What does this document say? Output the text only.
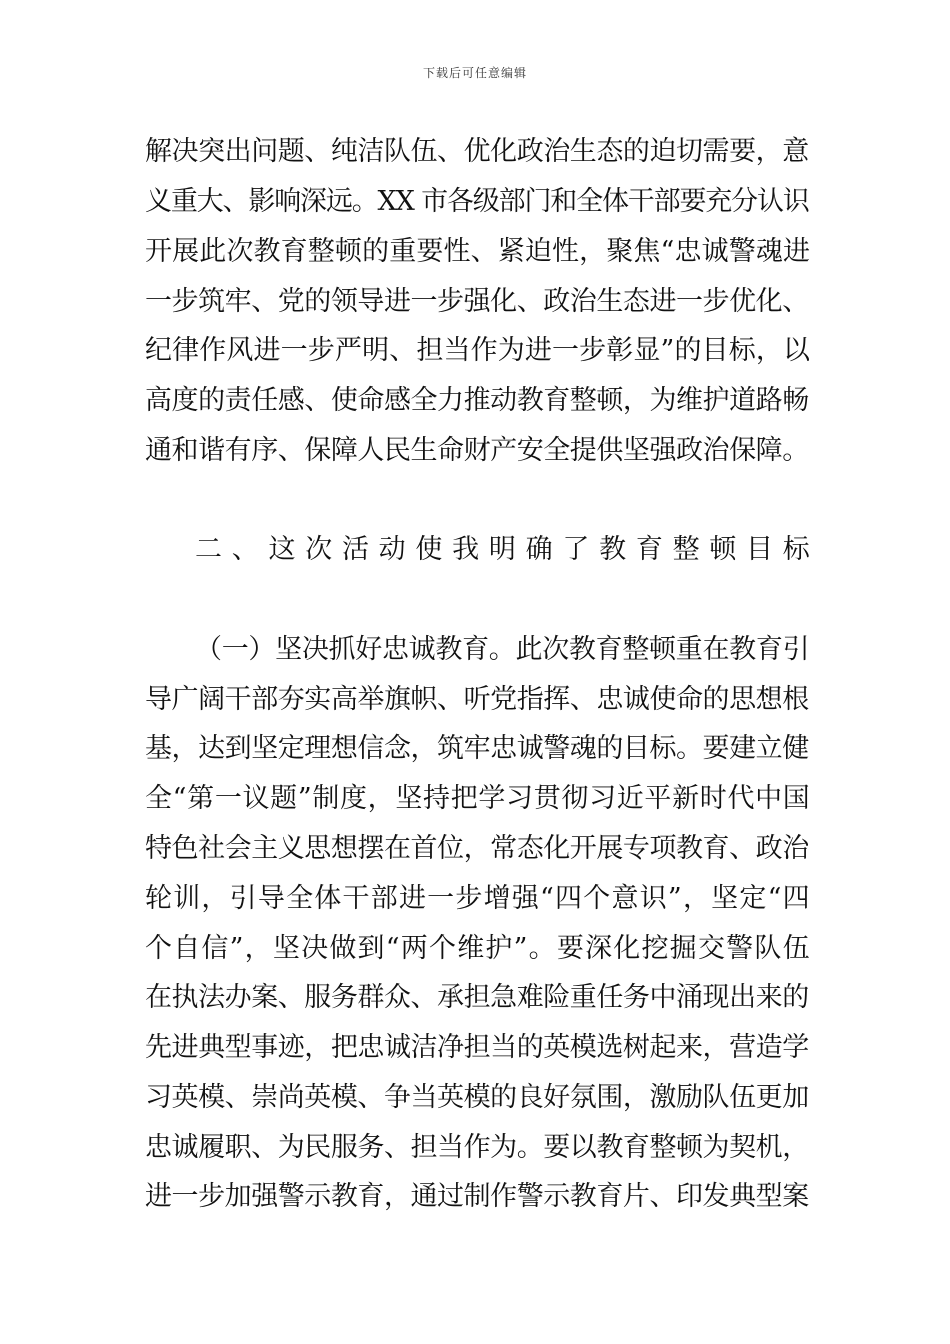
下载后可任意编辑
解决突出问题、纯洁队伍、优化政治生态的迫切需要，意
义重大、影响深远。XX 市各级部门和全体干部要充分认识
开展此次教育整顿的重要性、紧迫性，聚焦“忠诚警魂进
一步筑牢、党的领导进一步强化、政治生态进一步优化、
纪律作风进一步严明、担当作为进一步彰显”的目标，以
高度的责任感、使命感全力推动教育整顿，为维护道路畅
通和谐有序、保障人民生命财产安全提供坚强政治保障。
二、这次活动使我明确了教育整顿目标
（一）坚决抓好忠诚教育。此次教育整顿重在教育引
导广阔干部夯实高举旗帜、听党指挥、忠诚使命的思想根
基，达到坚定理想信念，筑牢忠诚警魂的目标。要建立健
全“第一议题”制度，坚持把学习贯彻习近平新时代中国
特色社会主义思想摆在首位，常态化开展专项教育、政治
轮训，引导全体干部进一步增强“四个意识”，坚定“四
个自信”，坚决做到“两个维护”。要深化挖掘交警队伍
在执法办案、服务群众、承担急难险重任务中涌现出来的
先进典型事迹，把忠诚洁净担当的英模选树起来，营造学
习英模、崇尚英模、争当英模的良好氛围，激励队伍更加
忠诚履职、为民服务、担当作为。要以教育整顿为契机，
进一步加强警示教育，通过制作警示教育片、印发典型案
